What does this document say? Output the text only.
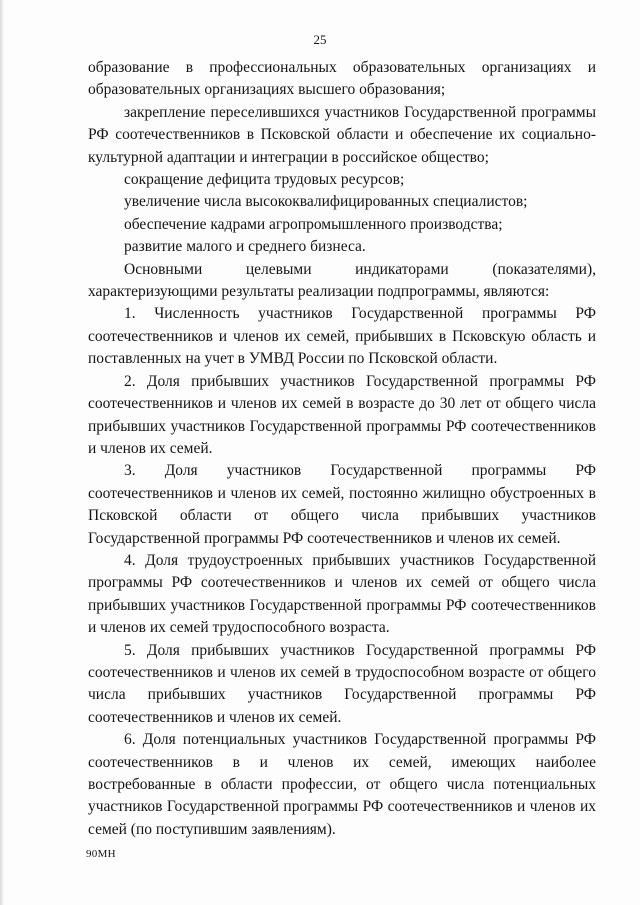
25

образование в профессиональных образовательных организациях и образовательных организациях высшего образования;

закрепление переселившихся участников Государственной программы РФ соотечественников в Псковской области и обеспечение их социально-культурной адаптации и интеграции в российское общество;

сокращение дефицита трудовых ресурсов;

увеличение числа высококвалифицированных специалистов;

обеспечение кадрами агропромышленного производства;

развитие малого и среднего бизнеса.

Основными целевыми индикаторами (показателями), характеризующими результаты реализации подпрограммы, являются:

1. Численность участников Государственной программы РФ соотечественников и членов их семей, прибывших в Псковскую область и поставленных на учет в УМВД России по Псковской области.

2. Доля прибывших участников Государственной программы РФ соотечественников и членов их семей в возрасте до 30 лет от общего числа прибывших участников Государственной программы РФ соотечественников и членов их семей.

3. Доля участников Государственной программы РФ соотечественников и членов их семей, постоянно жилищно обустроенных в Псковской области от общего числа прибывших участников Государственной программы РФ соотечественников и членов их семей.

4. Доля трудоустроенных прибывших участников Государственной программы РФ соотечественников и членов их семей от общего числа прибывших участников Государственной программы РФ соотечественников и членов их семей трудоспособного возраста.

5. Доля прибывших участников Государственной программы РФ соотечественников и членов их семей в трудоспособном возрасте от общего числа прибывших участников Государственной программы РФ соотечественников и членов их семей.

6. Доля потенциальных участников Государственной программы РФ соотечественников в и членов их семей, имеющих наиболее востребованные в области профессии, от общего числа потенциальных участников Государственной программы РФ соотечественников и членов их семей (по поступившим заявлениям).

90МН
